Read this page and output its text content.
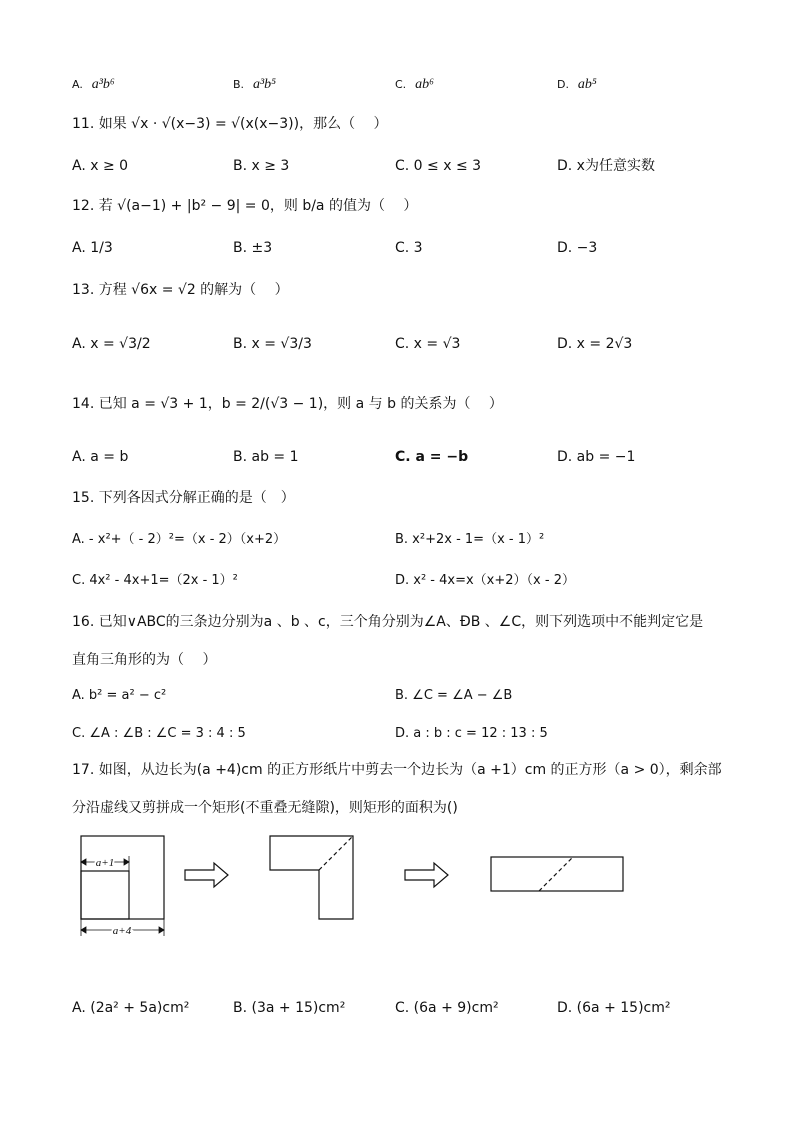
A. a³b⁶	B. a³b⁵	C. ab⁶	D. ab⁵
11. 如果 √x · √(x−3) = √(x(x−3))，那么（　 ）
A. x ≥ 0	B. x ≥ 3	C. 0 ≤ x ≤ 3	D. x为任意实数
12. 若 √(a−1) + |b² − 9| = 0，则 b/a 的值为（　 ）
A. 1/3	B. ±3	C. 3	D. −3
13. 方程 √6x = √2 的解为（　 ）
A. x = √3/2	B. x = √3/3	C. x = √3	D. x = 2√3
14. 已知 a = √3 + 1，b = 2/(√3 − 1)，则 a 与 b 的关系为（　 ）
A. a = b	B. ab = 1	C. a = −b	D. ab = −1
15. 下列各因式分解正确的是（　）
A. - x²+（ - 2）²=（x - 2）（x+2）	B. x²+2x - 1=（x - 1）²
C. 4x² - 4x+1=（2x - 1）²	D. x² - 4x=x（x+2）（x - 2）
16. 已知∨ABC的三条边分别为a 、b 、c，三个角分别为∠A、ÐB 、∠C，则下列选项中不能判定它是
直角三角形的为（　 ）
A. b² = a² − c²	B. ∠C = ∠A − ∠B
C. ∠A : ∠B : ∠C = 3 : 4 : 5	D. a : b : c = 12 : 13 : 5
17. 如图，从边长为(a +4)cm 的正方形纸片中剪去一个边长为（a +1）cm 的正方形（a > 0），剩余部
分沿虚线又剪拼成一个矩形(不重叠无缝隙)，则矩形的面积为()
a+1
a+4
A. (2a² + 5a)cm²	B. (3a + 15)cm²	C. (6a + 9)cm²	D. (6a + 15)cm²
